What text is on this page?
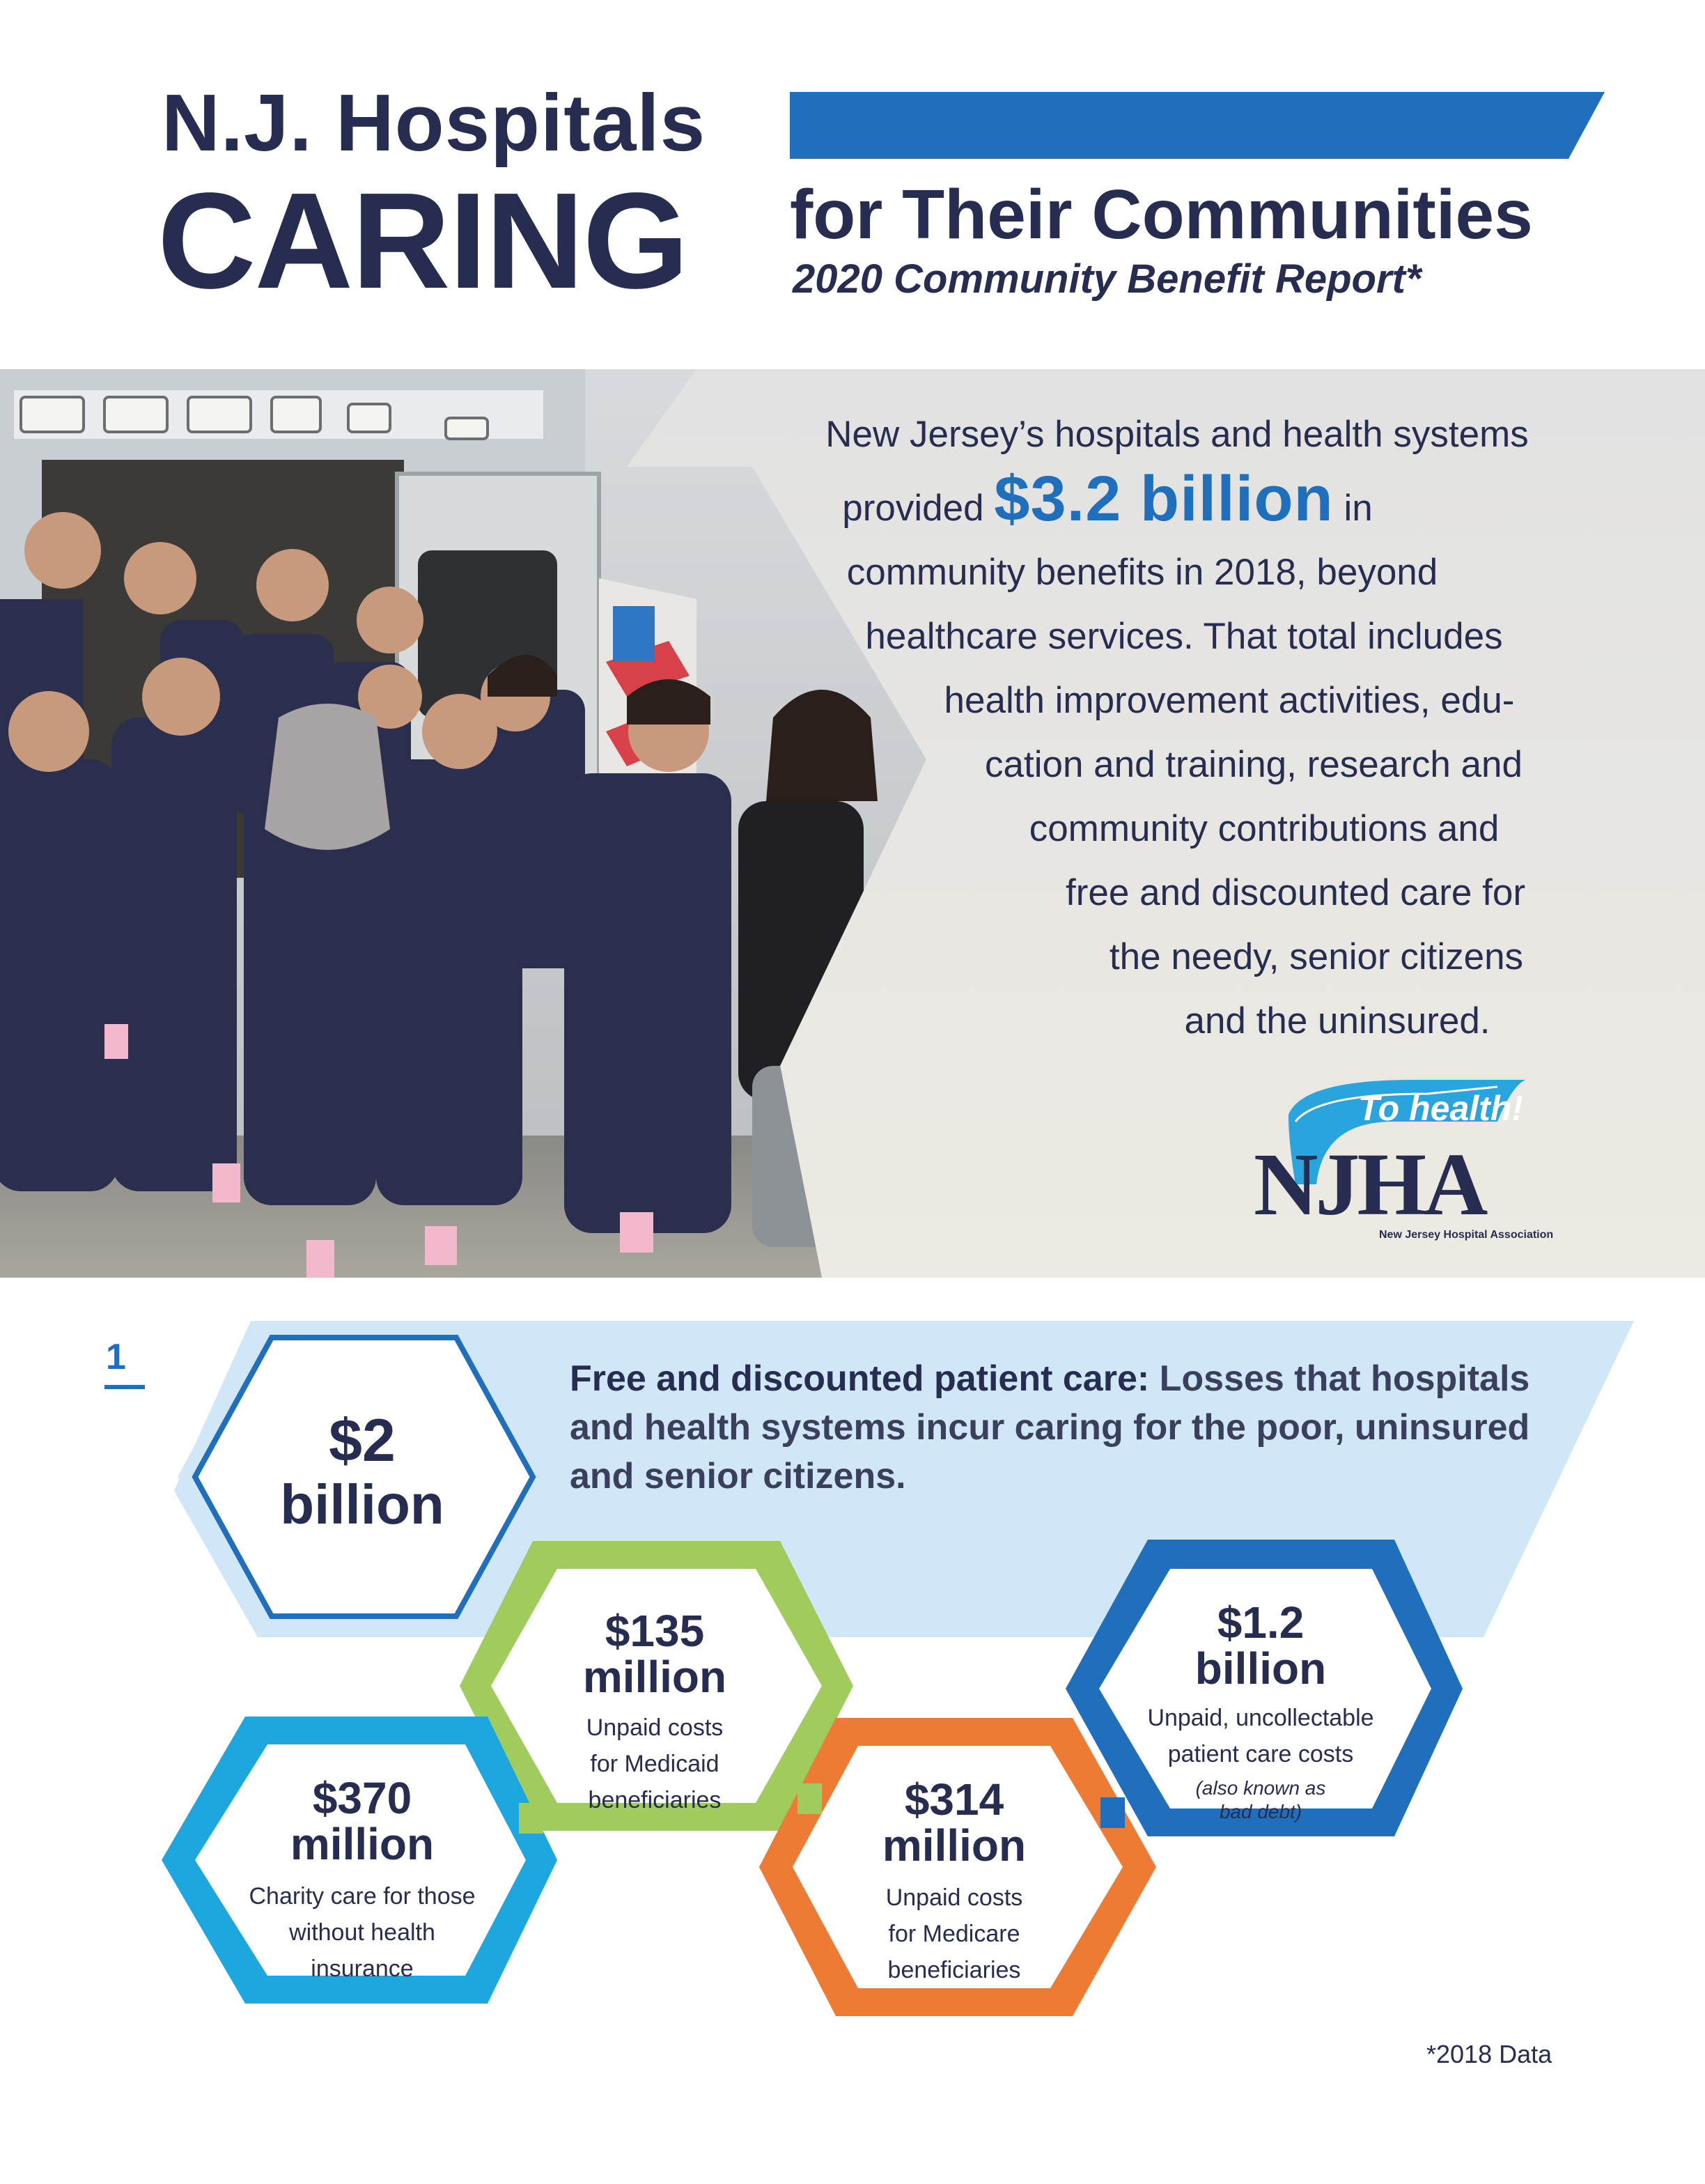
N.J. Hospitals
CARING for Their Communities
2020 Community Benefit Report*
New Jersey’s hospitals and health systems
provided $3.2 billion in
community benefits in 2018, beyond
healthcare services. That total includes
health improvement activities, edu-
cation and training, research and
community contributions and
free and discounted care for
the needy, senior citizens
and the uninsured.
To health!
NJHA
New Jersey Hospital Association
1
Free and discounted patient care: Losses that hospitals and health systems incur caring for the poor, uninsured and senior citizens.
$2
billion
$135
million
Unpaid costs
for Medicaid
beneficiaries
$1.2
billion
Unpaid, uncollectable
patient care costs
(also known as
bad debt)
$370
million
Charity care for those
without health
insurance
$314
million
Unpaid costs
for Medicare
beneficiaries
*2018 Data
